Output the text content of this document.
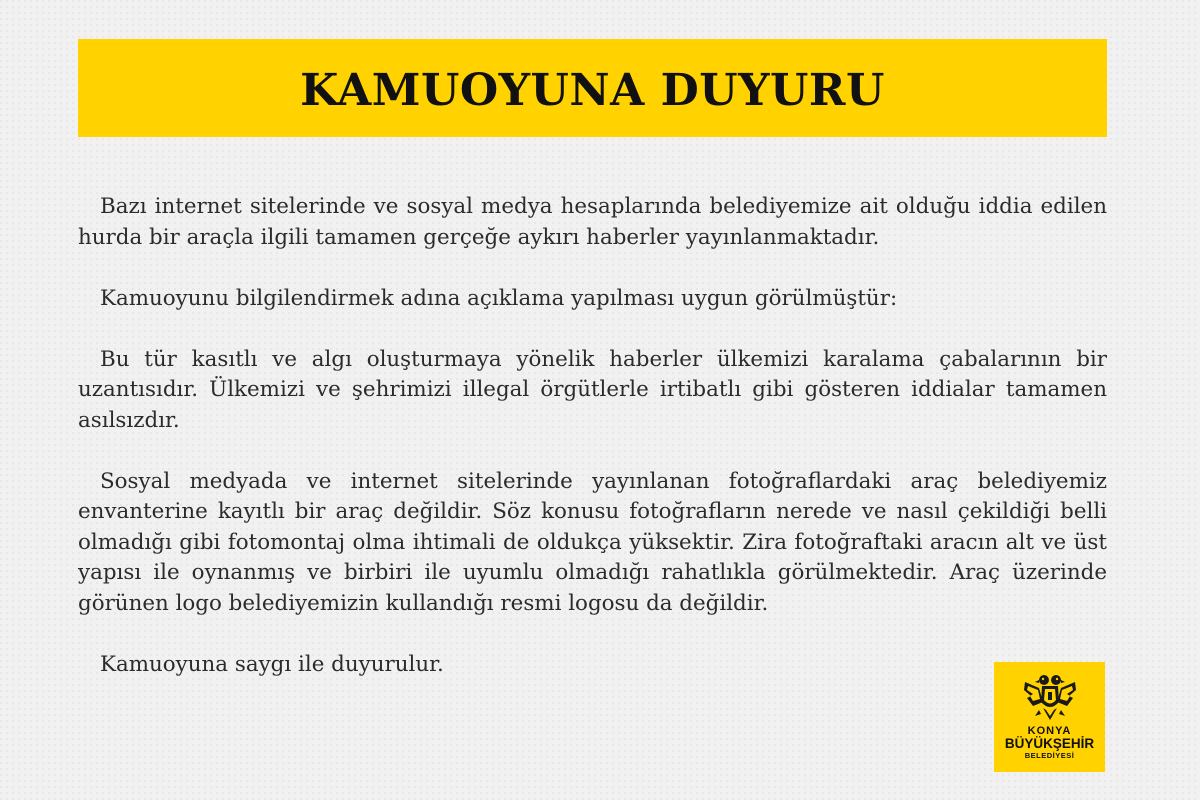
KAMUOYUNA DUYURU

Bazı internet sitelerinde ve sosyal medya hesaplarında belediyemize ait olduğu iddia edilen hurda bir araçla ilgili tamamen gerçeğe aykırı haberler yayınlanmaktadır.

Kamuoyunu bilgilendirmek adına açıklama yapılması uygun görülmüştür:

Bu tür kasıtlı ve algı oluşturmaya yönelik haberler ülkemizi karalama çabalarının bir uzantısıdır. Ülkemizi ve şehrimizi illegal örgütlerle irtibatlı gibi gösteren iddialar tamamen asılsızdır.

Sosyal medyada ve internet sitelerinde yayınlanan fotoğraflardaki araç belediyemiz envanterine kayıtlı bir araç değildir. Söz konusu fotoğrafların nerede ve nasıl çekildiği belli olmadığı gibi fotomontaj olma ihtimali de oldukça yüksektir. Zira fotoğraftaki aracın alt ve üst yapısı ile oynanmış ve birbiri ile uyumlu olmadığı rahatlıkla görülmektedir. Araç üzerinde görünen logo belediyemizin kullandığı resmi logosu da değildir.

Kamuoyuna saygı ile duyurulur.

KONYA
BÜYÜKŞEHİR
BELEDİYESİ
